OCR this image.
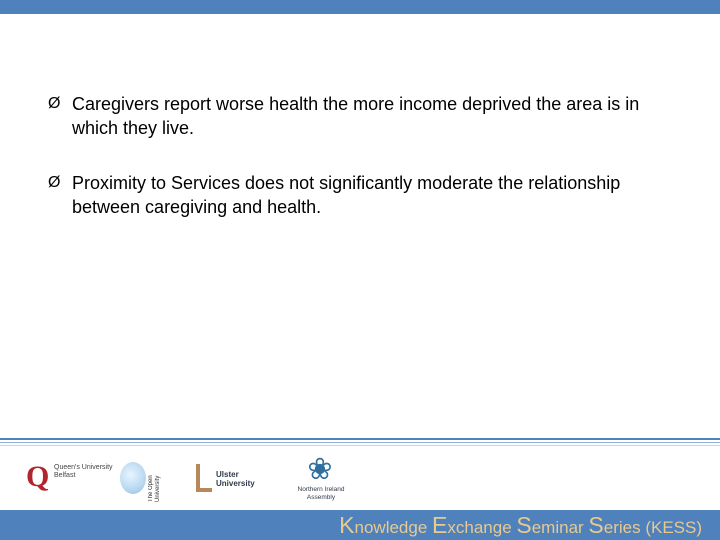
Ø Caregivers report worse health the more income deprived the area is in which they live.
Ø Proximity to Services does not significantly moderate the relationship between caregiving and health.
Q Queen's University Belfast	The Open University
Ulster University	❀
Northern Ireland Assembly
Knowledge Exchange Seminar Series (KESS)
